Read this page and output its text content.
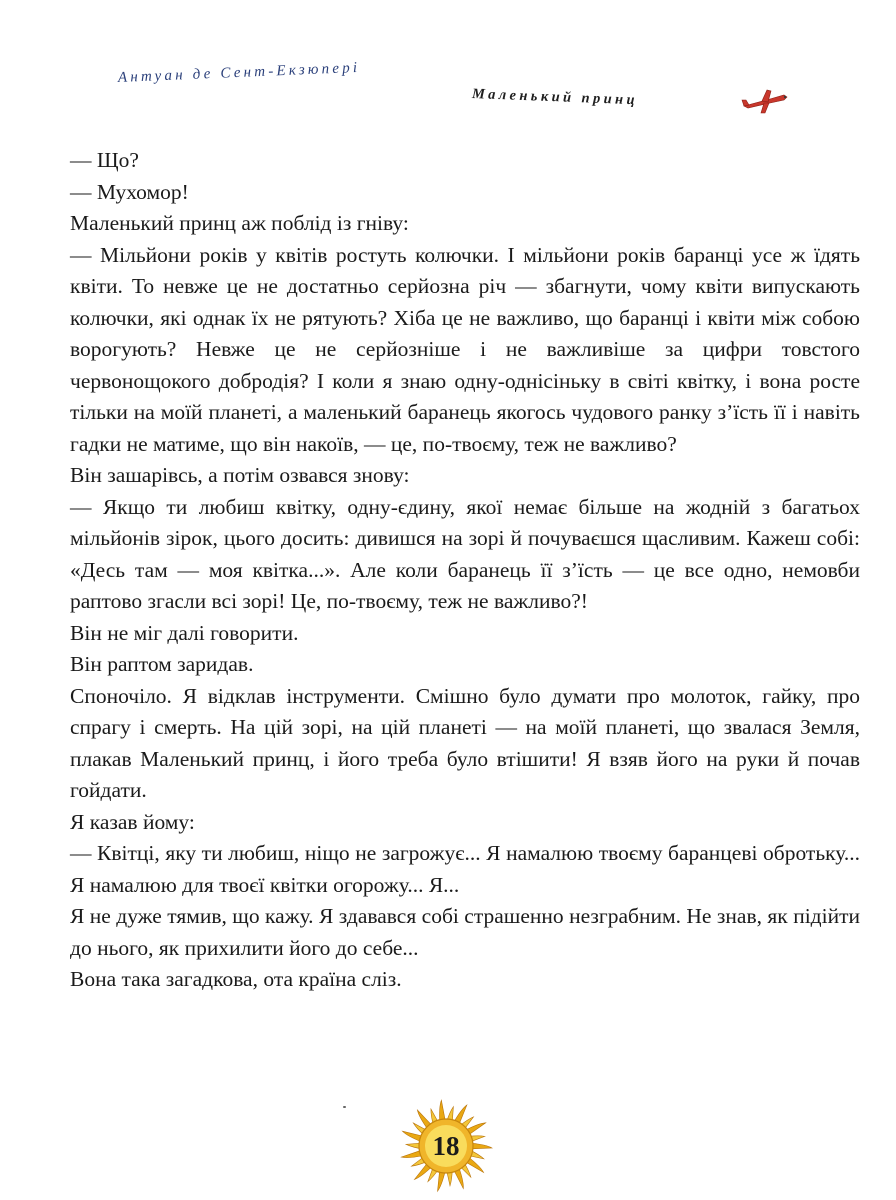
Антуан де Сент-Екзюпері
Маленький принц

— Що?

— Мухомор!

Маленький принц аж поблід із гніву:

— Мільйони років у квітів ростуть колючки. І мільйони років баранці усе ж їдять квіти. То невже це не достатньо серйозна річ — збагнути, чому квіти випускають колючки, які однак їх не рятують? Хіба це не важливо, що баранці і квіти між собою ворогують? Невже це не серйозніше і не важливіше за цифри товстого червонощокого добродія? І коли я знаю одну-однісіньку в світі квітку, і вона росте тільки на моїй планеті, а маленький баранець якогось чудового ранку з’їсть її і навіть гадки не матиме, що він накоїв, — це, по-твоєму, теж не важливо?

Він зашарівсь, а потім озвався знову:

— Якщо ти любиш квітку, одну-єдину, якої немає більше на жодній з багатьох мільйонів зірок, цього досить: дивишся на зорі й почуваєшся щасливим. Кажеш собі: «Десь там — моя квітка...». Але коли баранець її з’їсть — це все одно, немовби раптово згасли всі зорі! Це, по-твоєму, теж не важливо?!

Він не міг далі говорити.

Він раптом заридав.

Споночіло. Я відклав інструменти. Смішно було думати про молоток, гайку, про спрагу і смерть. На цій зорі, на цій планеті — на моїй планеті, що звалася Земля, плакав Маленький принц, і його треба було втішити! Я взяв його на руки й почав гойдати.

Я казав йому:

— Квітці, яку ти любиш, ніщо не загрожує... Я намалюю твоєму баранцеві обротьку... Я намалюю для твоєї квітки огорожу... Я...

Я не дуже тямив, що кажу. Я здавався собі страшенно незграбним. Не знав, як підійти до нього, як прихилити його до себе...

Вона така загадкова, ота країна сліз.

18
